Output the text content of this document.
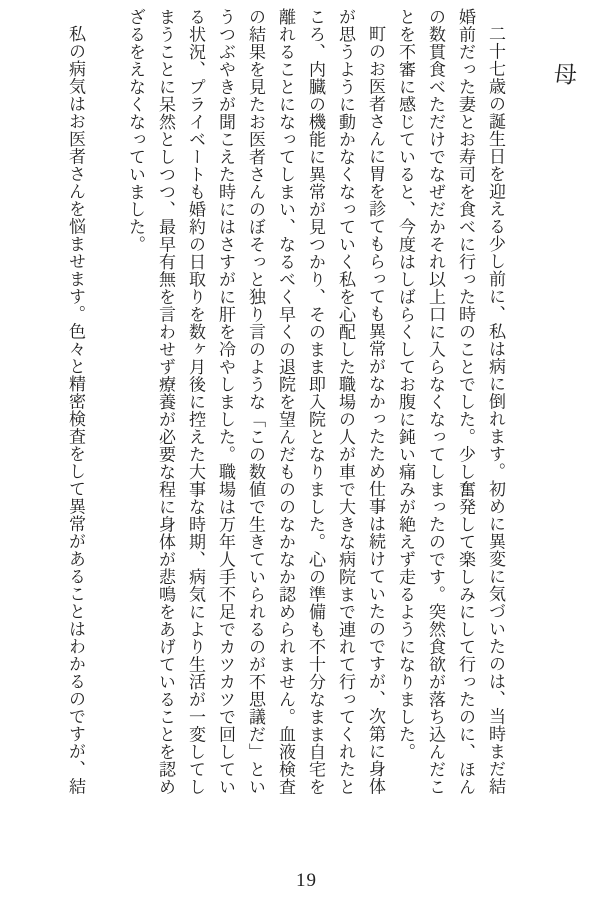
母

二十七歳の誕生日を迎える少し前に、私は病に倒れます。初めに異変に気づいたのは、当時まだ結婚前だった妻とお寿司を食べに行った時のことでした。少し奮発して楽しみにして行ったのに、ほんの数貫食べただけでなぜだかそれ以上口に入らなくなってしまったのです。突然食欲が落ち込んだことを不審に感じていると、今度はしばらくしてお腹に鈍い痛みが絶えず走るようになりました。

町のお医者さんに胃を診てもらっても異常がなかったため仕事は続けていたのですが、次第に身体が思うように動かなくなっていく私を心配した職場の人が車で大きな病院まで連れて行ってくれたところ、内臓の機能に異常が見つかり、そのまま即入院となりました。心の準備も不十分なまま自宅を離れることになってしまい、なるべく早くの退院を望んだもののなかなか認められません。血液検査の結果を見たお医者さんのぼそっと独り言のような「この数値で生きていられるのが不思議だ」というつぶやきが聞こえた時にはさすがに肝を冷やしました。職場は万年人手不足でカツカツで回している状況、プライベートも婚約の日取りを数ヶ月後に控えた大事な時期、病気により生活が一変してしまうことに呆然としつつ、最早有無を言わせず療養が必要な程に身体が悲鳴をあげていることを認めざるをえなくなっていました。

私の病気はお医者さんを悩ませます。色々と精密検査をして異常があることはわかるのですが、結

19
